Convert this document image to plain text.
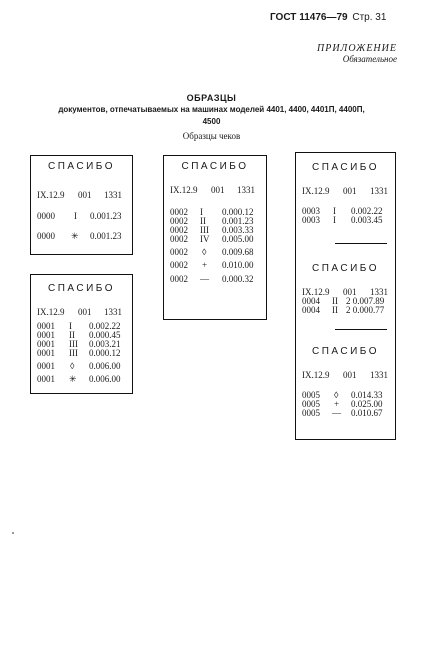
ГОСТ 11476—79 Стр. 31
ПРИЛОЖЕНИЕ
Обязательное
ОБРАЗЦЫ
документов, отпечатываемых на машинах моделей 4401, 4400, 4401П, 4400П,
4500
Образцы чеков
СПАСИБО
IX.12.9 001 1331
0000 I 0.001.23
0000 ✳ 0.001.23
СПАСИБО
IX.12.9 001 1331
0002 I 0.000.12
0002 II 0.001.23
0002 III 0.003.33
0002 IV 0.005.00
0002 ◊ 0.009.68
0002 + 0.010.00
0002 — 0.000.32
СПАСИБО
IX.12.9 001 1331
0001 I 0.002.22
0001 II 0.000.45
0001 III 0.003.21
0001 III 0.000.12
0001 ◊ 0.006.00
0001 ✳ 0.006.00
СПАСИБО
IX.12.9 001 1331
0003 I 0.002.22
0003 I 0.003.45
СПАСИБО
IX.12.9 001 1331
0004 II 2 0.007.89
0004 II 2 0.000.77
СПАСИБО
IX.12.9 001 1331
0005 ◊ 0.014.33
0005 + 0.025.00
0005 — 0.010.67
